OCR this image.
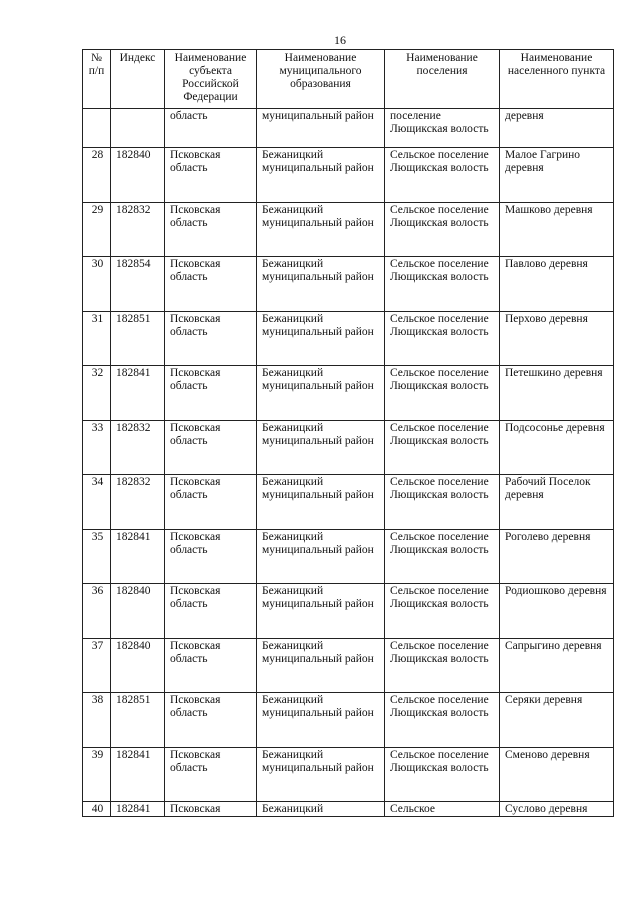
16
№ п/п	Индекс	Наименование субъекта Российской Федерации	Наименование муниципального образования	Наименование поселения	Наименование населенного пункта
		область	муниципальный район	поселение Лющикская волость	деревня
28	182840	Псковская область	Бежаницкий муниципальный район	Сельское поселение Лющикская волость	Малое Гагрино деревня
29	182832	Псковская область	Бежаницкий муниципальный район	Сельское поселение Лющикская волость	Машково деревня
30	182854	Псковская область	Бежаницкий муниципальный район	Сельское поселение Лющикская волость	Павлово деревня
31	182851	Псковская область	Бежаницкий муниципальный район	Сельское поселение Лющикская волость	Перхово деревня
32	182841	Псковская область	Бежаницкий муниципальный район	Сельское поселение Лющикская волость	Петешкино деревня
33	182832	Псковская область	Бежаницкий муниципальный район	Сельское поселение Лющикская волость	Подсосонье деревня
34	182832	Псковская область	Бежаницкий муниципальный район	Сельское поселение Лющикская волость	Рабочий Поселок деревня
35	182841	Псковская область	Бежаницкий муниципальный район	Сельское поселение Лющикская волость	Роголево деревня
36	182840	Псковская область	Бежаницкий муниципальный район	Сельское поселение Лющикская волость	Родиошково деревня
37	182840	Псковская область	Бежаницкий муниципальный район	Сельское поселение Лющикская волость	Сапрыгино деревня
38	182851	Псковская область	Бежаницкий муниципальный район	Сельское поселение Лющикская волость	Серяки деревня
39	182841	Псковская область	Бежаницкий муниципальный район	Сельское поселение Лющикская волость	Сменово деревня
40	182841	Псковская	Бежаницкий	Сельское	Суслово деревня
